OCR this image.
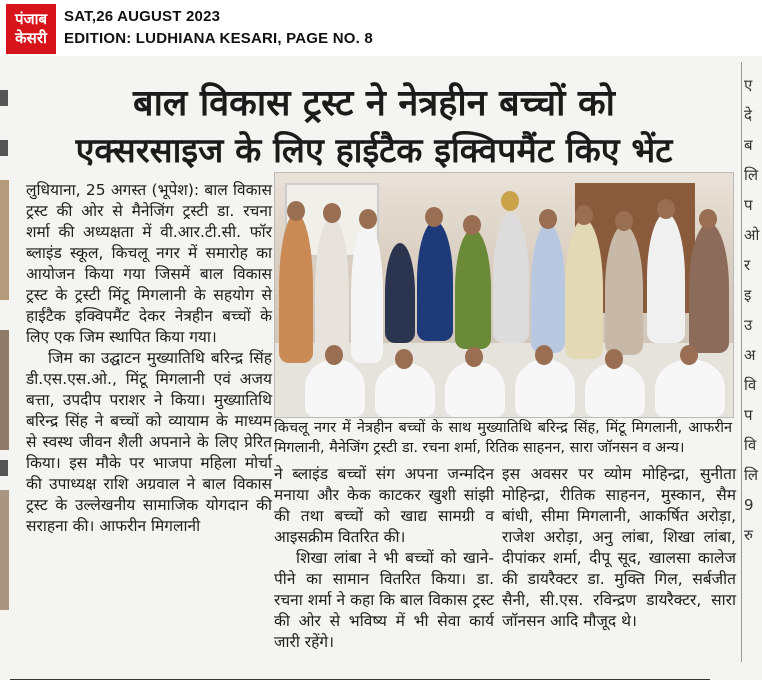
पंजाब
केसरी
SAT,26 AUGUST 2023
EDITION: LUDHIANA KESARI, PAGE NO. 8
ए
दे
ब
लि
प
ओ
र
इ
उ
अ
वि
प
वि
लि
9
रु
बाल विकास ट्रस्ट ने नेत्रहीन बच्चों को
एक्सरसाइज के लिए हाईटैक इक्विपमैंट किए भेंट

लुधियाना, 25 अगस्त (भूपेश): बाल विकास ट्रस्ट की ओर से मैनेजिंग ट्रस्टी डा. रचना शर्मा की अध्यक्षता में वी.आर.टी.सी. फॉर ब्लाइंड स्कूल, किचलू नगर में समारोह का आयोजन किया गया जिसमें बाल विकास ट्रस्ट के ट्रस्टी मिंटू मिगलानी के सहयोग से हाईटैक इक्विपमैंट देकर नेत्रहीन बच्चों के लिए एक जिम स्थापित किया गया।

जिम का उद्घाटन मुख्यातिथि बरिन्द्र सिंह डी.एस.एस.ओ., मिंटू मिगलानी एवं अजय बत्ता, उपदीप पराशर ने किया। मुख्यातिथि बरिन्द्र सिंह ने बच्चों को व्यायाम के माध्यम से स्वस्थ जीवन शैली अपनाने के लिए प्रेरित किया। इस मौके पर भाजपा महिला मोर्चा की उपाध्यक्ष राशि अग्रवाल ने बाल विकास ट्रस्ट के उल्लेखनीय सामाजिक योगदान की सराहना की। आफरीन मिगलानी

किचलू नगर में नेत्रहीन बच्चों के साथ मुख्यातिथि बरिन्द्र सिंह, मिंटू मिगलानी, आफरीन मिगलानी, मैनेजिंग ट्रस्टी डा. रचना शर्मा, रितिक साहनन, सारा जॉनसन व अन्य।

ने ब्लाइंड बच्चों संग अपना जन्मदिन मनाया और केक काटकर खुशी सांझी की तथा बच्चों को खाद्य सामग्री व आइसक्रीम वितरित की।

शिखा लांबा ने भी बच्चों को खाने-पीने का सामान वितरित किया। डा. रचना शर्मा ने कहा कि बाल विकास ट्रस्ट की ओर से भविष्य में भी सेवा कार्य जारी रहेंगे।

इस अवसर पर व्योम मोहिन्द्रा, सुनीता मोहिन्द्रा, रीतिक साहनन, मुस्कान, सैम बांधी, सीमा मिगलानी, आकर्षित अरोड़ा, राजेश अरोड़ा, अनु लांबा, शिखा लांबा, दीपांकर शर्मा, दीपू सूद, खालसा कालेज की डायरैक्टर डा. मुक्ति गिल, सर्बजीत सैनी, सी.एस. रविन्द्रण डायरैक्टर, सारा जॉनसन आदि मौजूद थे।
